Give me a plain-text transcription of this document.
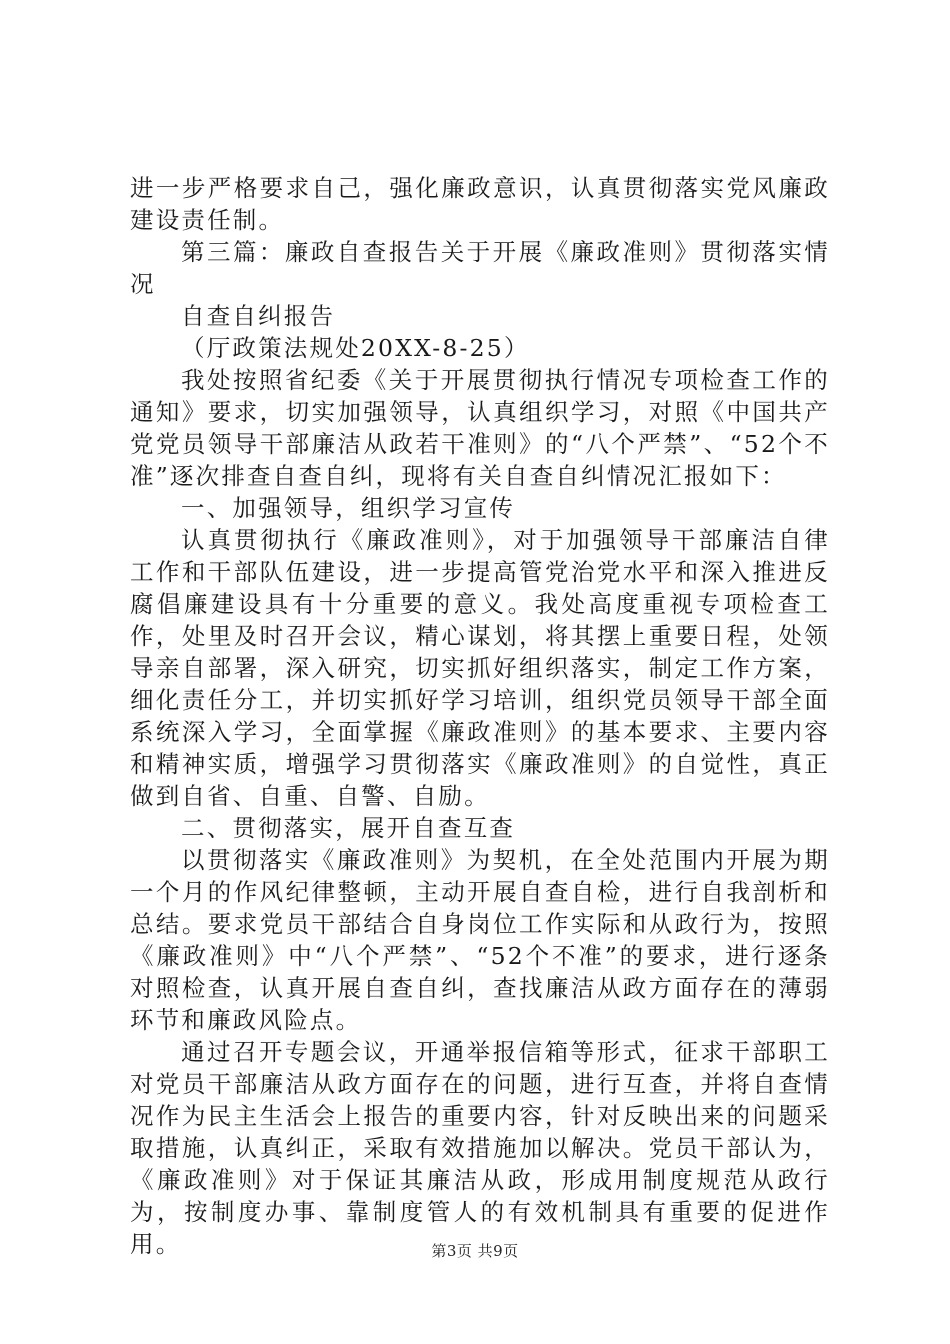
进一步严格要求自己，强化廉政意识，认真贯彻落实党风廉政建设责任制。

第三篇：廉政自查报告关于开展《廉政准则》贯彻落实情况

自查自纠报告

（厅政策法规处20XX-8-25）

我处按照省纪委《关于开展贯彻执行情况专项检查工作的通知》要求，切实加强领导，认真组织学习，对照《中国共产党党员领导干部廉洁从政若干准则》的“八个严禁”、“52个不准”逐次排查自查自纠，现将有关自查自纠情况汇报如下：

一、加强领导，组织学习宣传

认真贯彻执行《廉政准则》，对于加强领导干部廉洁自律工作和干部队伍建设，进一步提高管党治党水平和深入推进反腐倡廉建设具有十分重要的意义。我处高度重视专项检查工作，处里及时召开会议，精心谋划，将其摆上重要日程，处领导亲自部署，深入研究，切实抓好组织落实，制定工作方案，细化责任分工，并切实抓好学习培训，组织党员领导干部全面系统深入学习，全面掌握《廉政准则》的基本要求、主要内容和精神实质，增强学习贯彻落实《廉政准则》的自觉性，真正做到自省、自重、自警、自励。

二、贯彻落实，展开自查互查

以贯彻落实《廉政准则》为契机，在全处范围内开展为期一个月的作风纪律整顿，主动开展自查自检，进行自我剖析和总结。要求党员干部结合自身岗位工作实际和从政行为，按照《廉政准则》中“八个严禁”、“52个不准”的要求，进行逐条对照检查，认真开展自查自纠，查找廉洁从政方面存在的薄弱环节和廉政风险点。

通过召开专题会议，开通举报信箱等形式，征求干部职工对党员干部廉洁从政方面存在的问题，进行互查，并将自查情况作为民主生活会上报告的重要内容，针对反映出来的问题采取措施，认真纠正，采取有效措施加以解决。党员干部认为，《廉政准则》对于保证其廉洁从政，形成用制度规范从政行为，按制度办事、靠制度管人的有效机制具有重要的促进作用。	第3页 共9页
